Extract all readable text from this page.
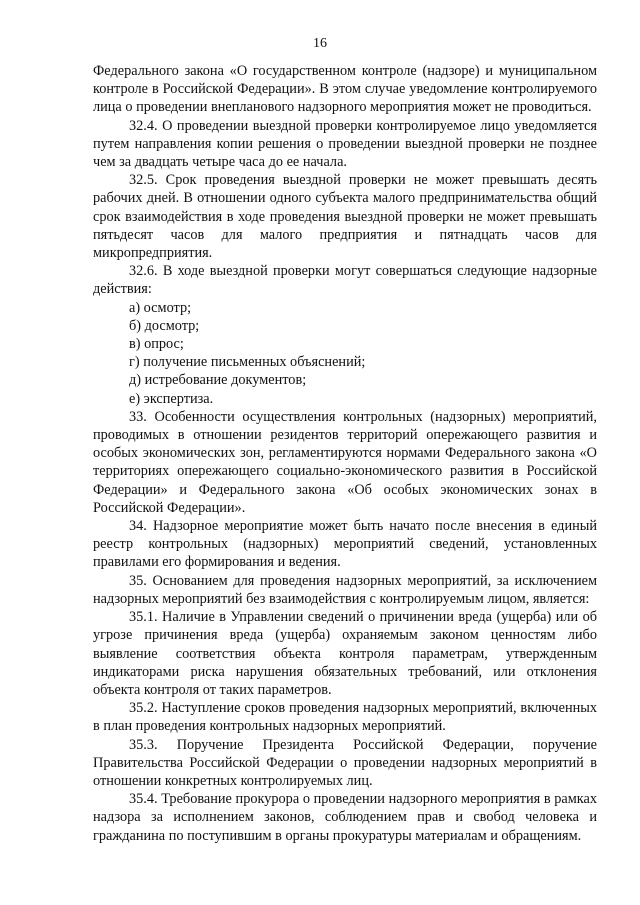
16

Федерального закона «О государственном контроле (надзоре) и муниципальном контроле в Российской Федерации». В этом случае уведомление контролируемого лица о проведении внепланового надзорного мероприятия может не проводиться.

32.4. О проведении выездной проверки контролируемое лицо уведомляется путем направления копии решения о проведении выездной проверки не позднее чем за двадцать четыре часа до ее начала.

32.5. Срок проведения выездной проверки не может превышать десять рабочих дней. В отношении одного субъекта малого предпринимательства общий срок взаимодействия в ходе проведения выездной проверки не может превышать пятьдесят часов для малого предприятия и пятнадцать часов для микропредприятия.

32.6. В ходе выездной проверки могут совершаться следующие надзорные действия:

а) осмотр;

б) досмотр;

в) опрос;

г) получение письменных объяснений;

д) истребование документов;

е) экспертиза.

33. Особенности осуществления контрольных (надзорных) мероприятий, проводимых в отношении резидентов территорий опережающего развития и особых экономических зон, регламентируются нормами Федерального закона «О территориях опережающего социально-экономического развития в Российской Федерации» и Федерального закона «Об особых экономических зонах в Российской Федерации».

34. Надзорное мероприятие может быть начато после внесения в единый реестр контрольных (надзорных) мероприятий сведений, установленных правилами его формирования и ведения.

35. Основанием для проведения надзорных мероприятий, за исключением надзорных мероприятий без взаимодействия с контролируемым лицом, является:

35.1. Наличие в Управлении сведений о причинении вреда (ущерба) или об угрозе причинения вреда (ущерба) охраняемым законом ценностям либо выявление соответствия объекта контроля параметрам, утвержденным индикаторами риска нарушения обязательных требований, или отклонения объекта контроля от таких параметров.

35.2. Наступление сроков проведения надзорных мероприятий, включенных в план проведения контрольных надзорных мероприятий.

35.3. Поручение Президента Российской Федерации, поручение Правительства Российской Федерации о проведении надзорных мероприятий в отношении конкретных контролируемых лиц.

35.4. Требование прокурора о проведении надзорного мероприятия в рамках надзора за исполнением законов, соблюдением прав и свобод человека и гражданина по поступившим в органы прокуратуры материалам и обращениям.
